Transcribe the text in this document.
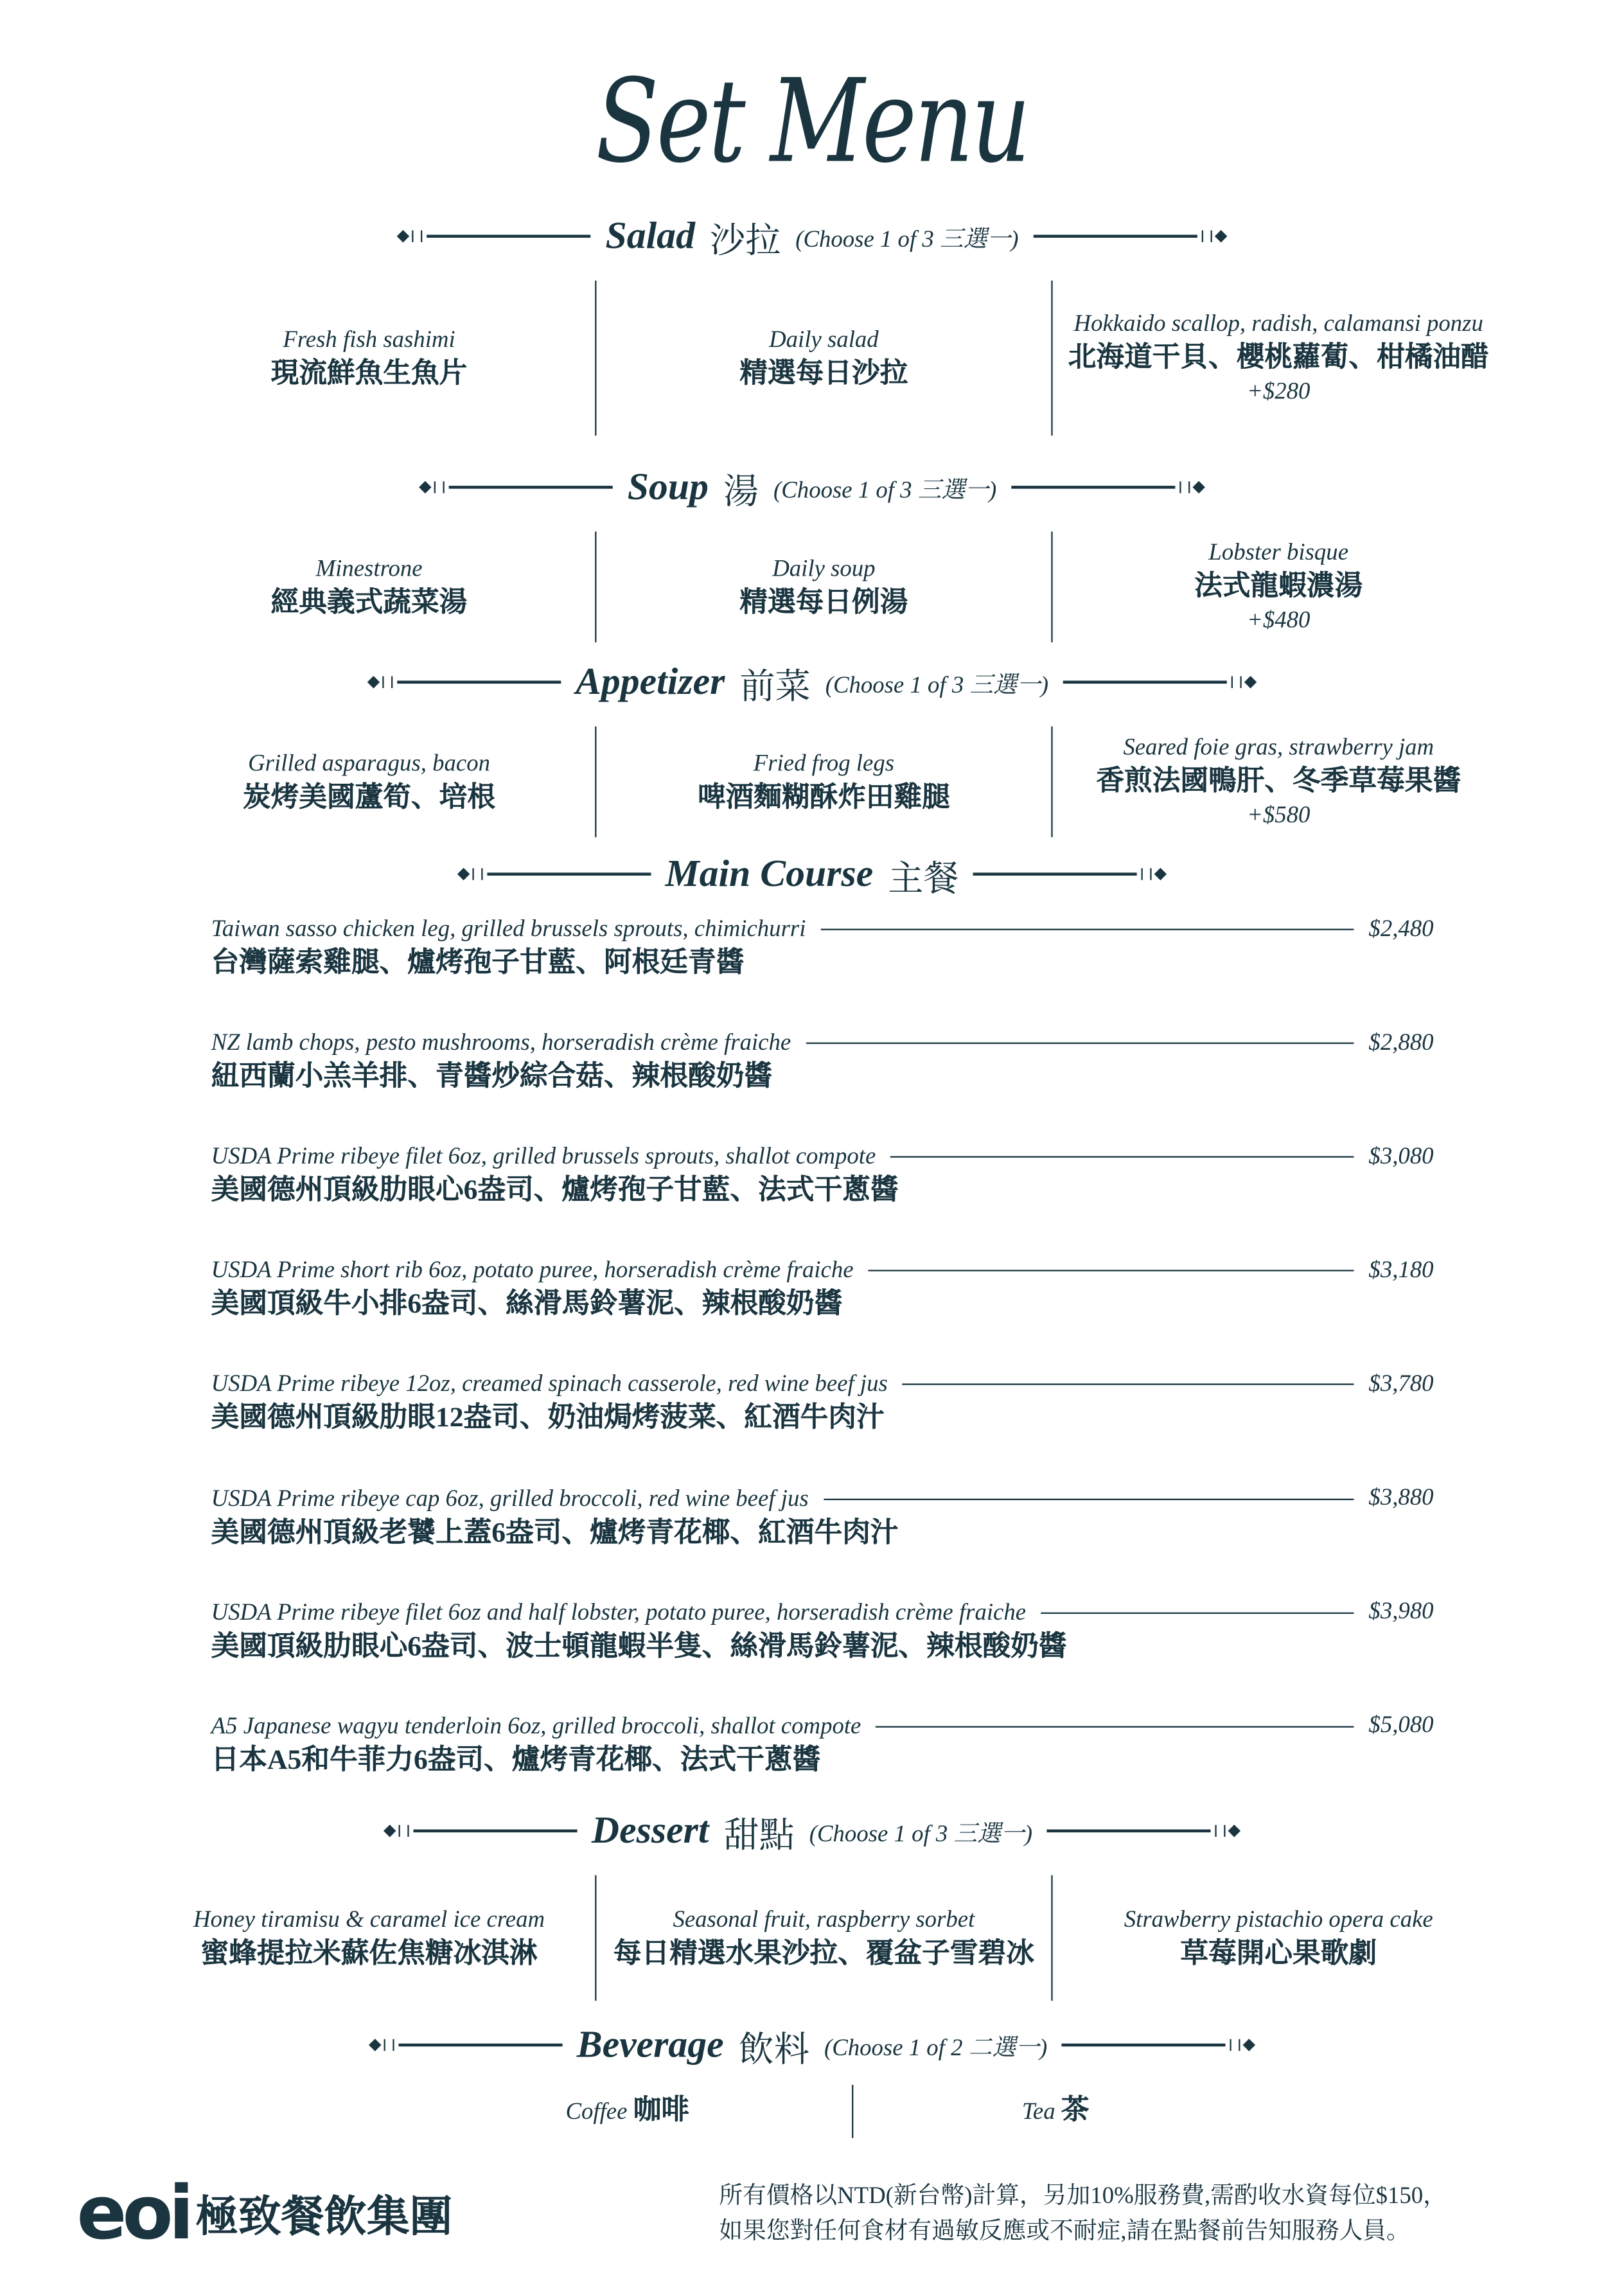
Set Menu
Salad 沙拉 (Choose 1 of 3 三選一)
Fresh fish sashimi
現流鮮魚生魚片
Daily salad
精選每日沙拉
Hokkaido scallop, radish, calamansi ponzu
北海道干貝、櫻桃蘿蔔、柑橘油醋
+$280
Soup 湯 (Choose 1 of 3 三選一)
Minestrone
經典義式蔬菜湯
Daily soup
精選每日例湯
Lobster bisque
法式龍蝦濃湯
+$480
Appetizer 前菜 (Choose 1 of 3 三選一)
Grilled asparagus, bacon
炭烤美國蘆筍、培根
Fried frog legs
啤酒麵糊酥炸田雞腿
Seared foie gras, strawberry jam
香煎法國鴨肝、冬季草莓果醬
+$580
Main Course 主餐
Taiwan sasso chicken leg, grilled brussels sprouts, chimichurri	$2,480
台灣薩索雞腿、爐烤孢子甘藍、阿根廷青醬
NZ lamb chops, pesto mushrooms, horseradish crème fraiche	$2,880
紐西蘭小羔羊排、青醬炒綜合菇、辣根酸奶醬
USDA Prime ribeye filet 6oz, grilled brussels sprouts, shallot compote	$3,080
美國德州頂級肋眼心6盎司、爐烤孢子甘藍、法式干蔥醬
USDA Prime short rib 6oz, potato puree, horseradish crème fraiche	$3,180
美國頂級牛小排6盎司、絲滑馬鈴薯泥、辣根酸奶醬
USDA Prime ribeye 12oz, creamed spinach casserole, red wine beef jus	$3,780
美國德州頂級肋眼12盎司、奶油焗烤菠菜、紅酒牛肉汁
USDA Prime ribeye cap 6oz, grilled broccoli, red wine beef jus	$3,880
美國德州頂級老饕上蓋6盎司、爐烤青花椰、紅酒牛肉汁
USDA Prime ribeye filet 6oz and half lobster, potato puree, horseradish crème fraiche	$3,980
美國頂級肋眼心6盎司、波士頓龍蝦半隻、絲滑馬鈴薯泥、辣根酸奶醬
A5 Japanese wagyu tenderloin 6oz, grilled broccoli, shallot compote	$5,080
日本A5和牛菲力6盎司、爐烤青花椰、法式干蔥醬
Dessert 甜點 (Choose 1 of 3 三選一)
Honey tiramisu & caramel ice cream
蜜蜂提拉米蘇佐焦糖冰淇淋
Seasonal fruit, raspberry sorbet
每日精選水果沙拉、覆盆子雪碧冰
Strawberry pistachio opera cake
草莓開心果歌劇
Beverage 飲料 (Choose 1 of 2 二選一)
Coffee 咖啡	Tea 茶
eoi 極致餐飲集團	所有價格以NTD(新台幣)計算，另加10%服務費,需酌收水資每位$150，
如果您對任何食材有過敏反應或不耐症,請在點餐前告知服務人員。
